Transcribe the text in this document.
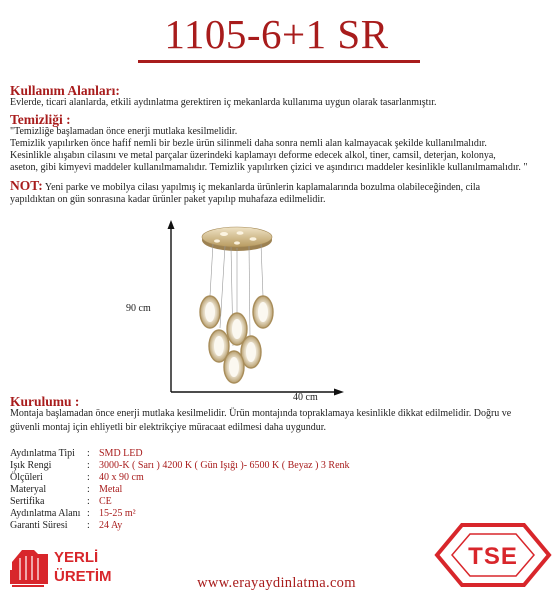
1105-6+1 SR
Kullanım Alanları:
Evlerde, ticari alanlarda, etkili aydınlatma gerektiren iç mekanlarda kullanıma uygun olarak tasarlanmıştır.
Temizliği :
"Temizliğe başlamadan önce enerji mutlaka kesilmelidir.
Temizlik yapılırken önce hafif nemli bir bezle ürün silinmeli daha sonra nemli alan kalmayacak şekilde kullanılmalıdır.
Kesinlikle alışabın cilasını ve metal parçalar üzerindeki kaplamayı deforme edecek alkol, tiner, camsil, deterjan, kolonya,
aseton, gibi kimyevi maddeler kullanılmamalıdır. Temizlik yapılırken çizici ve aşındırıcı maddeler kesinlikle kullanılmamalıdır. "
NOT: Yeni parke ve mobilya cilası yapılmış iç mekanlarda ürünlerin kaplamalarında bozulma olabileceğinden, cila
yapıldıktan on gün sonrasına kadar ürünler paket yapılıp muhafaza edilmelidir.
90 cm
40 cm
Kurulumu :
Montaja başlamadan önce enerji mutlaka kesilmelidir. Ürün montajında topraklamaya kesinlikle dikkat edilmelidir. Doğru ve
güvenli montaj için ehliyetli bir elektrikçiye müracaat edilmesi daha uygundur.
Aydınlatma Tipi	: SMD LED
Işık Rengi	: 3000-K ( Sarı ) 4200 K ( Gün Işığı )- 6500 K ( Beyaz ) 3 Renk
Ölçüleri	: 40 x 90 cm
Materyal	: Metal
Sertifika	: CE
Aydınlatma Alanı : 15-25 m²
Garanti Süresi	: 24 Ay
YERLİ
ÜRETİM	www.erayaydinlatma.com
TSE
